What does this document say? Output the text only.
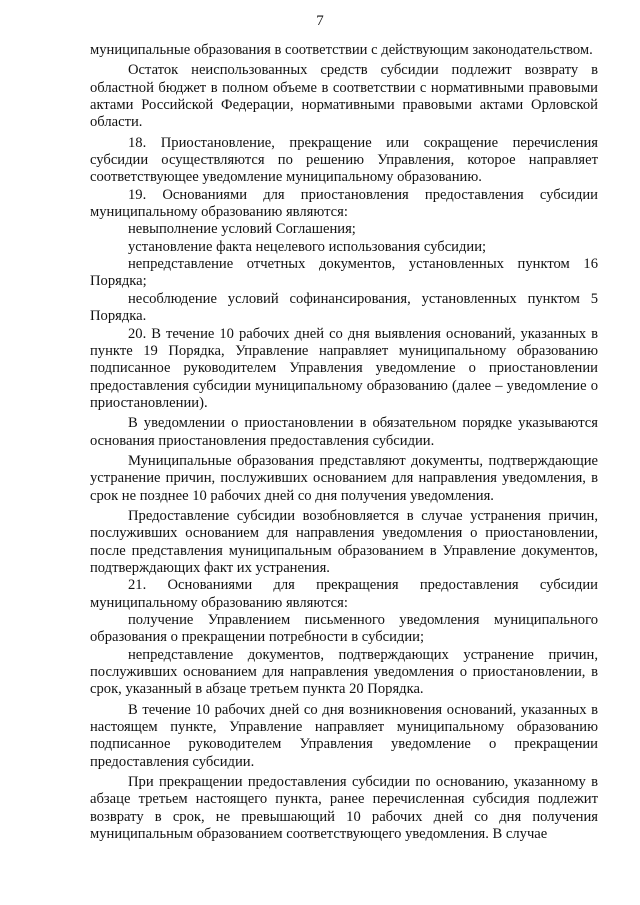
7

муниципальные образования в соответствии с действующим законодательством.

Остаток неиспользованных средств субсидии подлежит возврату в областной бюджет в полном объеме в соответствии с нормативными правовыми актами Российской Федерации, нормативными правовыми актами Орловской области.

18. Приостановление, прекращение или сокращение перечисления субсидии осуществляются по решению Управления, которое направляет соответствующее уведомление муниципальному образованию.

19. Основаниями для приостановления предоставления субсидии муниципальному образованию являются:

невыполнение условий Соглашения;

установление факта нецелевого использования субсидии;

непредставление отчетных документов, установленных пунктом 16 Порядка;

несоблюдение условий софинансирования, установленных пунктом 5 Порядка.

20. В течение 10 рабочих дней со дня выявления оснований, указанных в пункте 19 Порядка, Управление направляет муниципальному образованию подписанное руководителем Управления уведомление о приостановлении предоставления субсидии муниципальному образованию (далее – уведомление о приостановлении).

В уведомлении о приостановлении в обязательном порядке указываются основания приостановления предоставления субсидии.

Муниципальные образования представляют документы, подтверждающие устранение причин, послуживших основанием для направления уведомления, в срок не позднее 10 рабочих дней со дня получения уведомления.

Предоставление субсидии возобновляется в случае устранения причин, послуживших основанием для направления уведомления о приостановлении, после представления муниципальным образованием в Управление документов, подтверждающих факт их устранения.

21. Основаниями для прекращения предоставления субсидии муниципальному образованию являются:

получение Управлением письменного уведомления муниципального образования о прекращении потребности в субсидии;

непредставление документов, подтверждающих устранение причин, послуживших основанием для направления уведомления о приостановлении, в срок, указанный в абзаце третьем пункта 20 Порядка.

В течение 10 рабочих дней со дня возникновения оснований, указанных в настоящем пункте, Управление направляет муниципальному образованию подписанное руководителем Управления уведомление о прекращении предоставления субсидии.

При прекращении предоставления субсидии по основанию, указанному в абзаце третьем настоящего пункта, ранее перечисленная субсидия подлежит возврату в срок, не превышающий 10 рабочих дней со дня получения муниципальным образованием соответствующего уведомления. В случае
